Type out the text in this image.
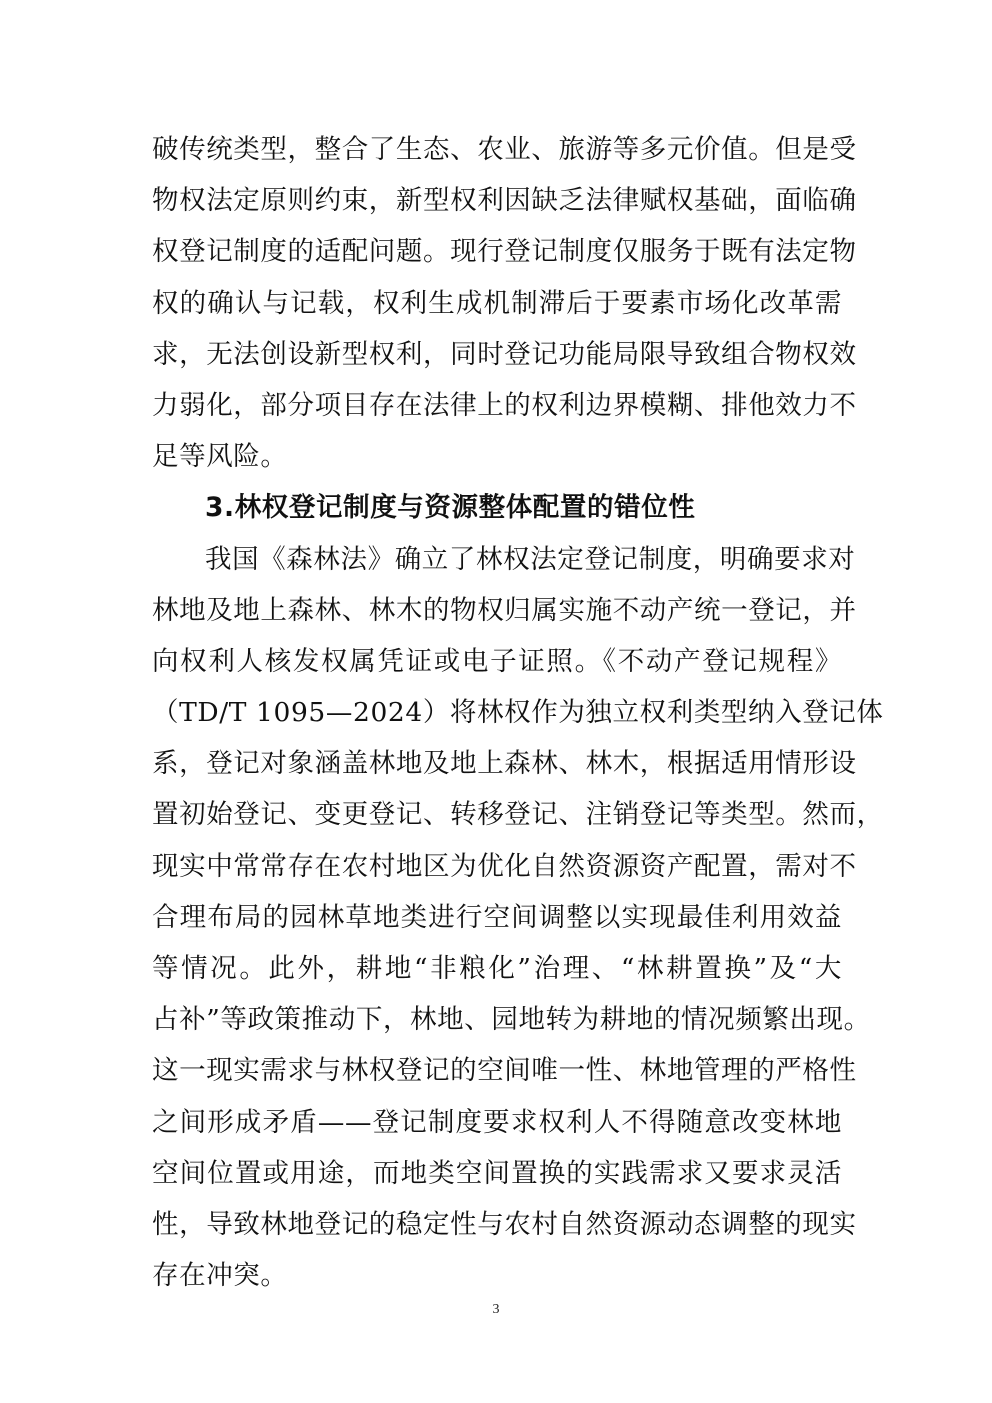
破传统类型，整合了生态、农业、旅游等多元价值。但是受
物权法定原则约束，新型权利因缺乏法律赋权基础，面临确
权登记制度的适配问题。现行登记制度仅服务于既有法定物
权的确认与记载，权利生成机制滞后于要素市场化改革需
求，无法创设新型权利，同时登记功能局限导致组合物权效
力弱化，部分项目存在法律上的权利边界模糊、排他效力不
足等风险。
3.林权登记制度与资源整体配置的错位性
我国《森林法》确立了林权法定登记制度，明确要求对
林地及地上森林、林木的物权归属实施不动产统一登记，并
向权利人核发权属凭证或电子证照。《不动产登记规程》
（TD/T 1095—2024）将林权作为独立权利类型纳入登记体
系，登记对象涵盖林地及地上森林、林木，根据适用情形设
置初始登记、变更登记、转移登记、注销登记等类型。然而，
现实中常常存在农村地区为优化自然资源资产配置，需对不
合理布局的园林草地类进行空间调整以实现最佳利用效益
等情况。此外，耕地“非粮化”治理、“林耕置换”及“大
占补”等政策推动下，林地、园地转为耕地的情况频繁出现。
这一现实需求与林权登记的空间唯一性、林地管理的严格性
之间形成矛盾——登记制度要求权利人不得随意改变林地
空间位置或用途，而地类空间置换的实践需求又要求灵活
性，导致林地登记的稳定性与农村自然资源动态调整的现实
存在冲突。
3
